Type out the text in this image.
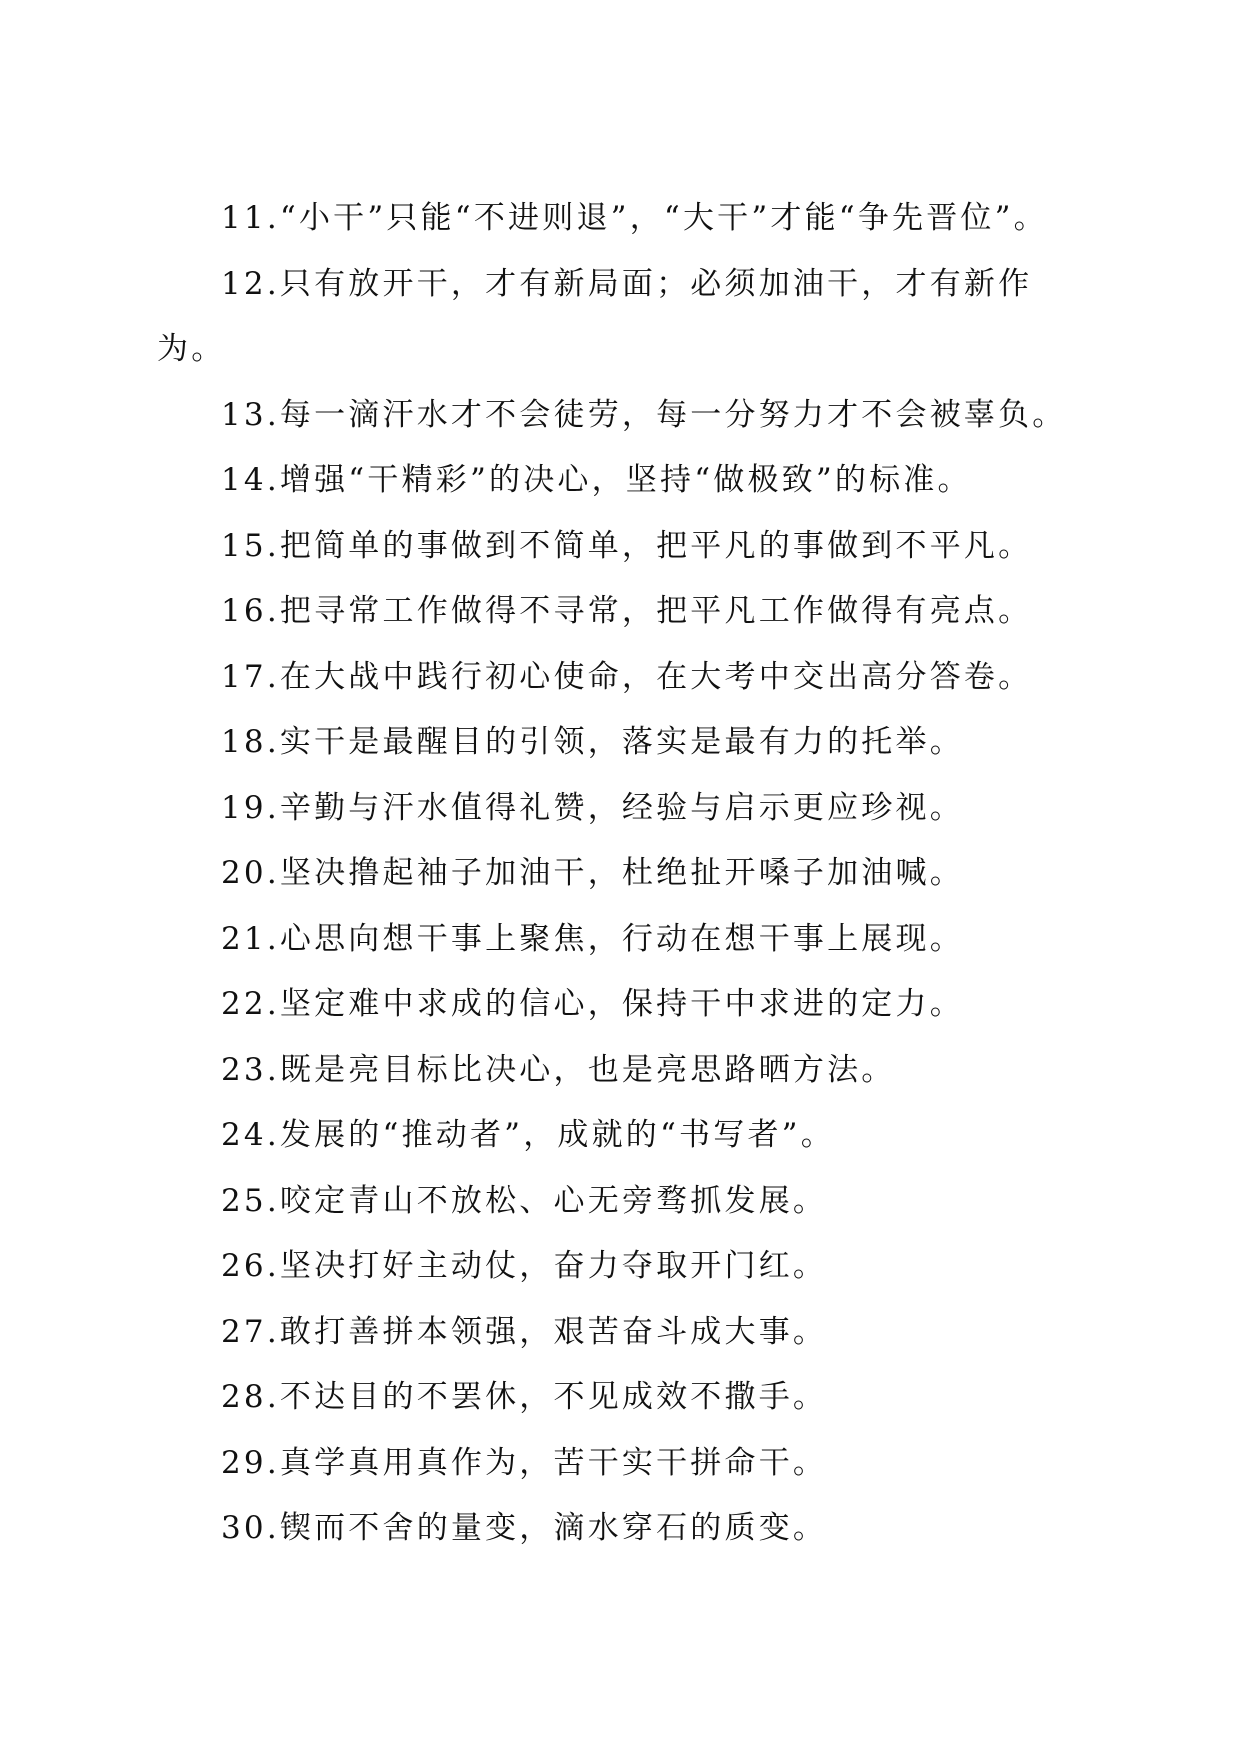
11.“小干”只能“不进则退”，“大干”才能“争先晋位”。

12.只有放开干，才有新局面；必须加油干，才有新作为。

13.每一滴汗水才不会徒劳，每一分努力才不会被辜负。

14.增强“干精彩”的决心，坚持“做极致”的标准。

15.把简单的事做到不简单，把平凡的事做到不平凡。

16.把寻常工作做得不寻常，把平凡工作做得有亮点。

17.在大战中践行初心使命，在大考中交出高分答卷。

18.实干是最醒目的引领，落实是最有力的托举。

19.辛勤与汗水值得礼赞，经验与启示更应珍视。

20.坚决撸起袖子加油干，杜绝扯开嗓子加油喊。

21.心思向想干事上聚焦，行动在想干事上展现。

22.坚定难中求成的信心，保持干中求进的定力。

23.既是亮目标比决心，也是亮思路晒方法。

24.发展的“推动者”，成就的“书写者”。

25.咬定青山不放松、心无旁骛抓发展。

26.坚决打好主动仗，奋力夺取开门红。

27.敢打善拼本领强，艰苦奋斗成大事。

28.不达目的不罢休，不见成效不撒手。

29.真学真用真作为，苦干实干拼命干。

30.锲而不舍的量变，滴水穿石的质变。
